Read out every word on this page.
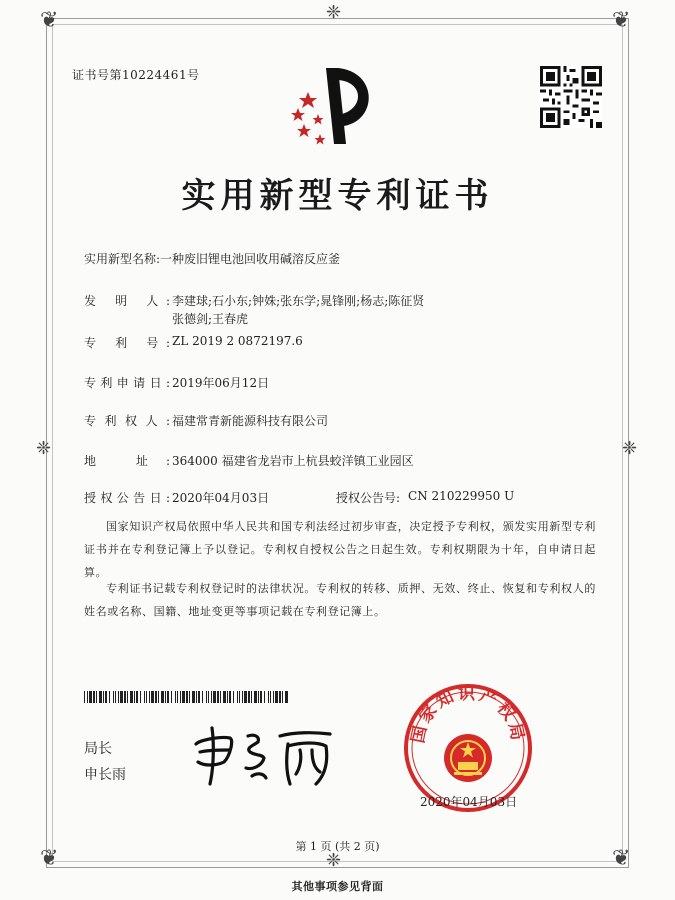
❦	❦
❦	❦
❈
❈
❈	❈
证书号第10224461号
实用新型专利证书
实用新型名称: 一种废旧锂电池回收用碱溶反应釜
发 明 人: 李建球;石小东;钟姝;张东学;晁锋刚;杨志;陈征贤
张德剑;王春虎
专 利 号: ZL 2019 2 0872197.6
专利申请日: 2019年06月12日
专利权人: 福建常青新能源科技有限公司
地 址: 364000 福建省龙岩市上杭县蛟洋镇工业园区
授权公告日: 2020年04月03日	授权公告号: CN 210229950 U
国家知识产权局依照中华人民共和国专利法经过初步审查，决定授予专利权，颁发实用新型专利证书并在专利登记簿上予以登记。专利权自授权公告之日起生效。专利权期限为十年，自申请日起算。
专利证书记载专利权登记时的法律状况。专利权的转移、质押、无效、终止、恢复和专利权人的姓名或名称、国籍、地址变更等事项记载在专利登记簿上。
局长
申长雨
国家知识产权局
2020年04月03日
第 1 页 (共 2 页)
其他事项参见背面
